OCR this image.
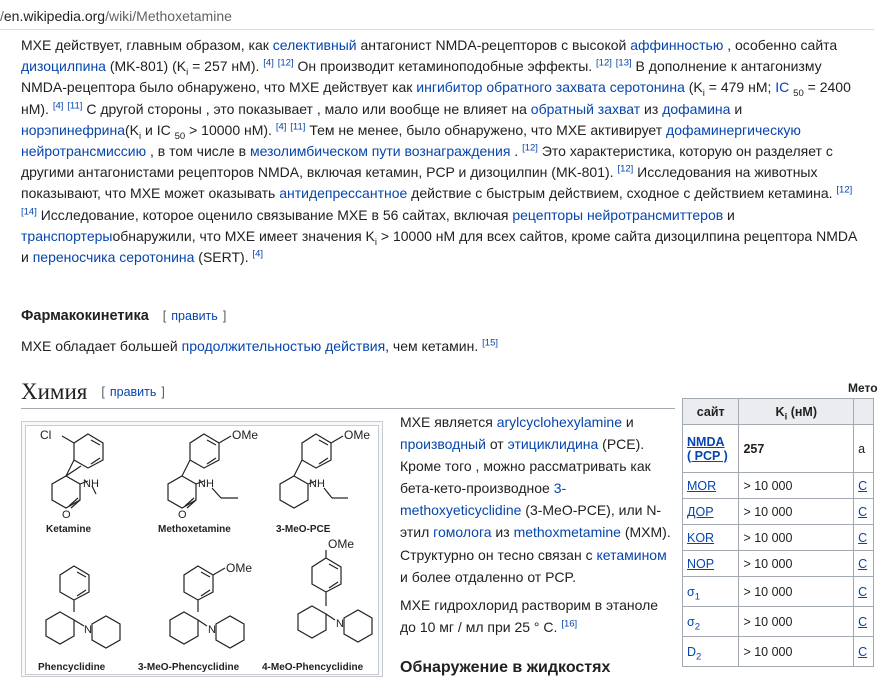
/en.wikipedia.org/wiki/Methoxetamine
MXE действует, главным образом, как селективный антагонист NMDA-рецепторов с высокой аффинностью , особенно сайта дизоцилпина (MK-801) ($K_i = 257$ нМ). [4] [12] Он производит кетаминоподобные эффекты. [12] [13] В дополнение к антагонизму NMDA-рецептора было обнаружено, что MXE действует как ингибитор обратного захвата серотонина ($K_i = 479$ нМ; IC $_{50}$ = 2400 нМ). [4] [11] С другой стороны , это показывает , мало или вообще не влияет на обратный захват из дофамина и $норэпинефрина(K_i$ и IC $_{50}$ > 10000 нМ). [4] [11] Тем не менее, было обнаружено, что MXE активирует дофаминергическую нейротрансмиссию , в том числе в мезолимбическом пути вознаграждения . [12] Это характеристика, которую он разделяет с другими антагонистами рецепторов NMDA, включая кетамин, PCP и дизоцилпин (MK-801). [12] Исследования на животных показывают, что MXE может оказывать антидепрессантное действие с быстрым действием, сходное с действием кетамина. [12] [14] Исследование, которое оценило связывание MXE в 56 сайтах, включая рецепторы нейротрансмиттеров и транспортерыобнаружили, что MXE имеет значения $K_i > 10000$ нМ для всех сайтов, кроме сайта дизоцилпина рецептора NMDA и переносчика серотонина (SERT). [4]
Фармакокинетика [ править ]
MXE обладает большей продолжительностью действия, чем кетамин. [15]
Химия [ править ]
Cl
NH
O
Ketamine
OMe
NH
O
Methoxetamine
OMe
NH
3-MeO-PCE
N
Phencyclidine
OMe
N
3-MeO-Phencyclidine
OMe
N
4-MeO-Phencyclidine

MXE является arylcyclohexylamine и производный от этициклидина (PCE). Кроме того , можно рассматривать как бета-кето-производное 3-methoxyeticyclidine (3-MeO-PCE), или N-этил гомолога из methoxmetamine (MXM). Структурно он тесно связан с кетамином и более отдаленно от PCP.

MXE гидрохлорид растворим в этаноле до 10 мг / мл при 25 ° C. [16]

Обнаружение в жидкостях
Мето
сайт	$K_i$ (нМ)	
NMDA
( PCP )	257	a
MOR	> 10 000	C
ДОР	> 10 000	C
KOR	> 10 000	C
NOP	> 10 000	C
$\sigma_1$	> 10 000	C
$\sigma_2$	> 10 000	C
$D_2$	> 10 000	C
